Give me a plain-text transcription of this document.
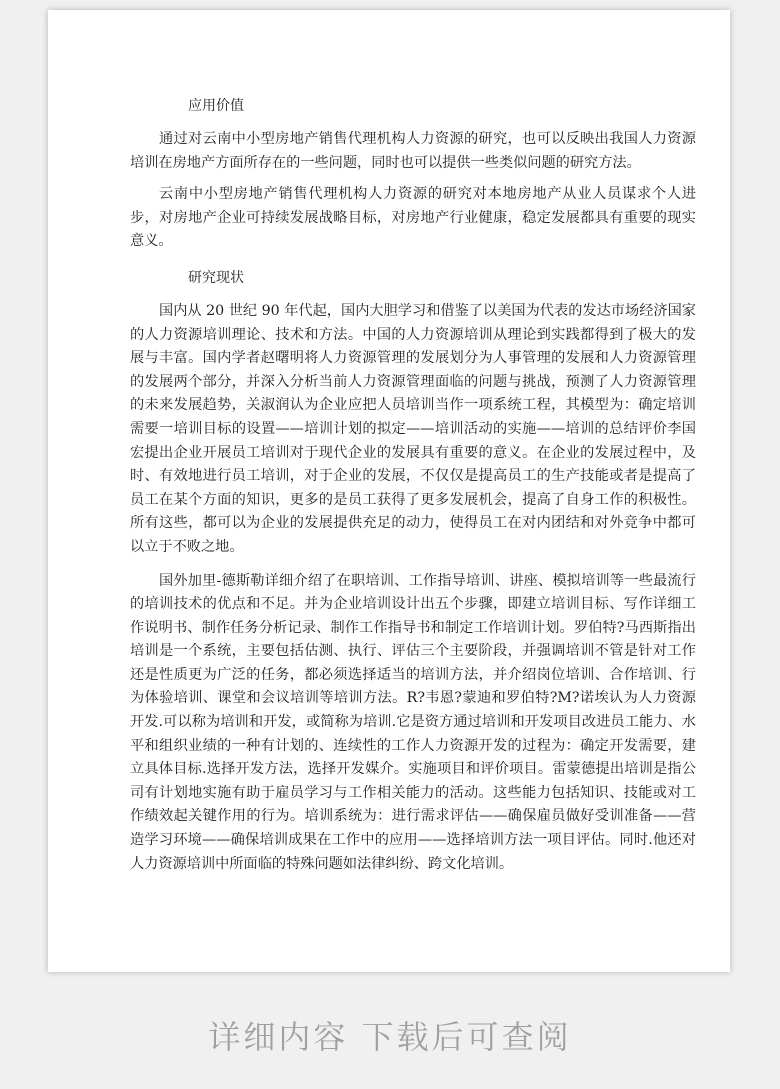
应用价值

通过对云南中小型房地产销售代理机构人力资源的研究，也可以反映出我国人力资源培训在房地产方面所存在的一些问题，同时也可以提供一些类似问题的研究方法。

云南中小型房地产销售代理机构人力资源的研究对本地房地产从业人员谋求个人进步，对房地产企业可持续发展战略目标，对房地产行业健康，稳定发展都具有重要的现实意义。

研究现状

国内从 20 世纪 90 年代起，国内大胆学习和借鉴了以美国为代表的发达市场经济国家的人力资源培训理论、技术和方法。中国的人力资源培训从理论到实践都得到了极大的发展与丰富。国内学者赵曙明将人力资源管理的发展划分为人事管理的发展和人力资源管理的发展两个部分，并深入分析当前人力资源管理面临的问题与挑战，预测了人力资源管理的未来发展趋势，关淑润认为企业应把人员培训当作一项系统工程，其模型为：确定培训需要一培训目标的设置——培训计划的拟定——培训活动的实施——培训的总结评价李国宏提出企业开展员工培训对于现代企业的发展具有重要的意义。在企业的发展过程中，及时、有效地进行员工培训，对于企业的发展，不仅仅是提高员工的生产技能或者是提高了员工在某个方面的知识，更多的是员工获得了更多发展机会，提高了自身工作的积极性。所有这些，都可以为企业的发展提供充足的动力，使得员工在对内团结和对外竞争中都可以立于不败之地。

国外加里-德斯勒详细介绍了在职培训、工作指导培训、讲座、模拟培训等一些最流行的培训技术的优点和不足。并为企业培训设计出五个步骤，即建立培训目标、写作详细工作说明书、制作任务分析记录、制作工作指导书和制定工作培训计划。罗伯特?马西斯指出培训是一个系统，主要包括估测、执行、评估三个主要阶段，并强调培训不管是针对工作还是性质更为广泛的任务，都必须选择适当的培训方法，并介绍岗位培训、合作培训、行为体验培训、课堂和会议培训等培训方法。R?韦恩?蒙迪和罗伯特?M?诺埃认为人力资源开发.可以称为培训和开发，或简称为培训.它是资方通过培训和开发项目改进员工能力、水平和组织业绩的一种有计划的、连续性的工作人力资源开发的过程为：确定开发需要，建立具体目标.选择开发方法，选择开发媒介。实施项目和评价项目。雷蒙德提出培训是指公司有计划地实施有助于雇员学习与工作相关能力的活动。这些能力包括知识、技能或对工作绩效起关键作用的行为。培训系统为：进行需求评估——确保雇员做好受训准备——营造学习环境——确保培训成果在工作中的应用——选择培训方法一项目评估。同时.他还对人力资源培训中所面临的特殊问题如法律纠纷、跨文化培训。

详细内容 下载后可查阅
